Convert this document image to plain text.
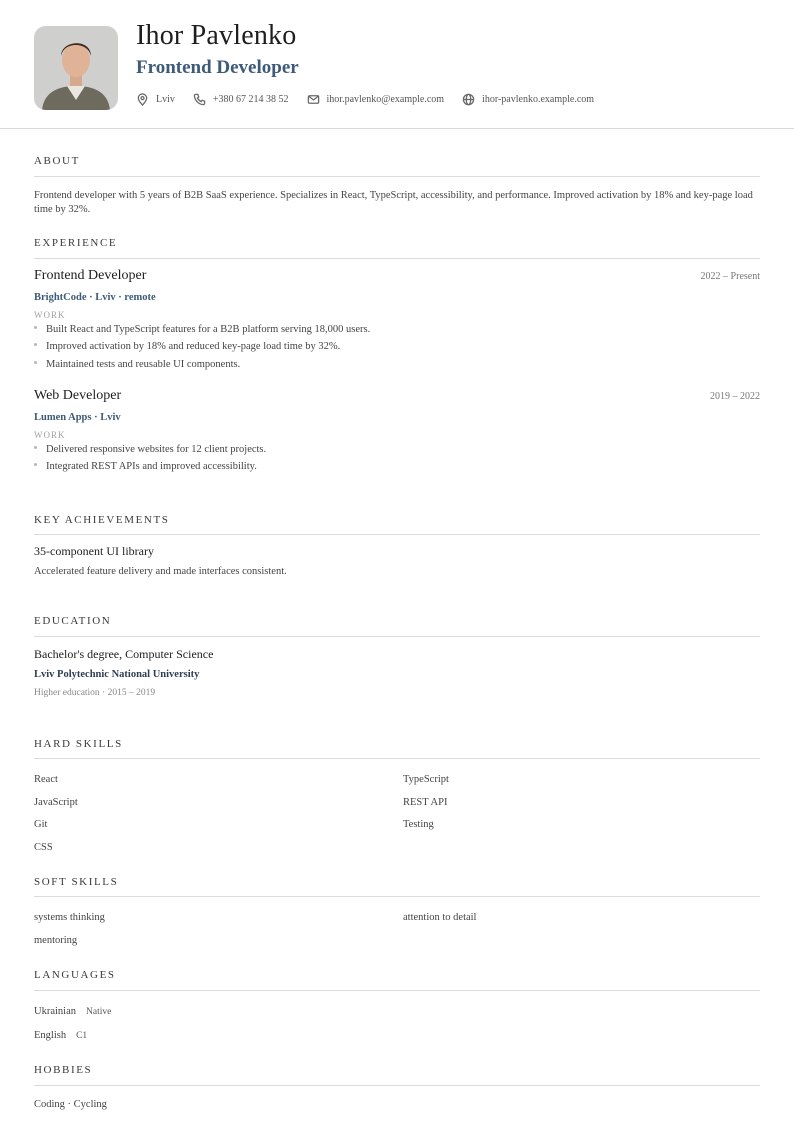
Ihor Pavlenko
Frontend Developer
Lviv	+380 67 214 38 52	ihor.pavlenko@example.com	ihor-pavlenko.example.com
ABOUT
Frontend developer with 5 years of B2B SaaS experience. Specializes in React, TypeScript, accessibility, and performance. Improved activation by 18% and key-page load time by 32%.
EXPERIENCE
Frontend Developer	2022 – Present
BrightCode · Lviv · remote
WORK
Built React and TypeScript features for a B2B platform serving 18,000 users.
Improved activation by 18% and reduced key-page load time by 32%.
Maintained tests and reusable UI components.
Web Developer	2019 – 2022
Lumen Apps · Lviv
WORK
Delivered responsive websites for 12 client projects.
Integrated REST APIs and improved accessibility.
KEY ACHIEVEMENTS
35-component UI library
Accelerated feature delivery and made interfaces consistent.
EDUCATION
Bachelor's degree, Computer Science
Lviv Polytechnic National University
Higher education · 2015 – 2019
HARD SKILLS
React	TypeScript
JavaScript	REST API
Git	Testing
CSS
SOFT SKILLS
systems thinking	attention to detail
mentoring
LANGUAGES
Ukrainian Native
English C1
HOBBIES
Coding · Cycling
